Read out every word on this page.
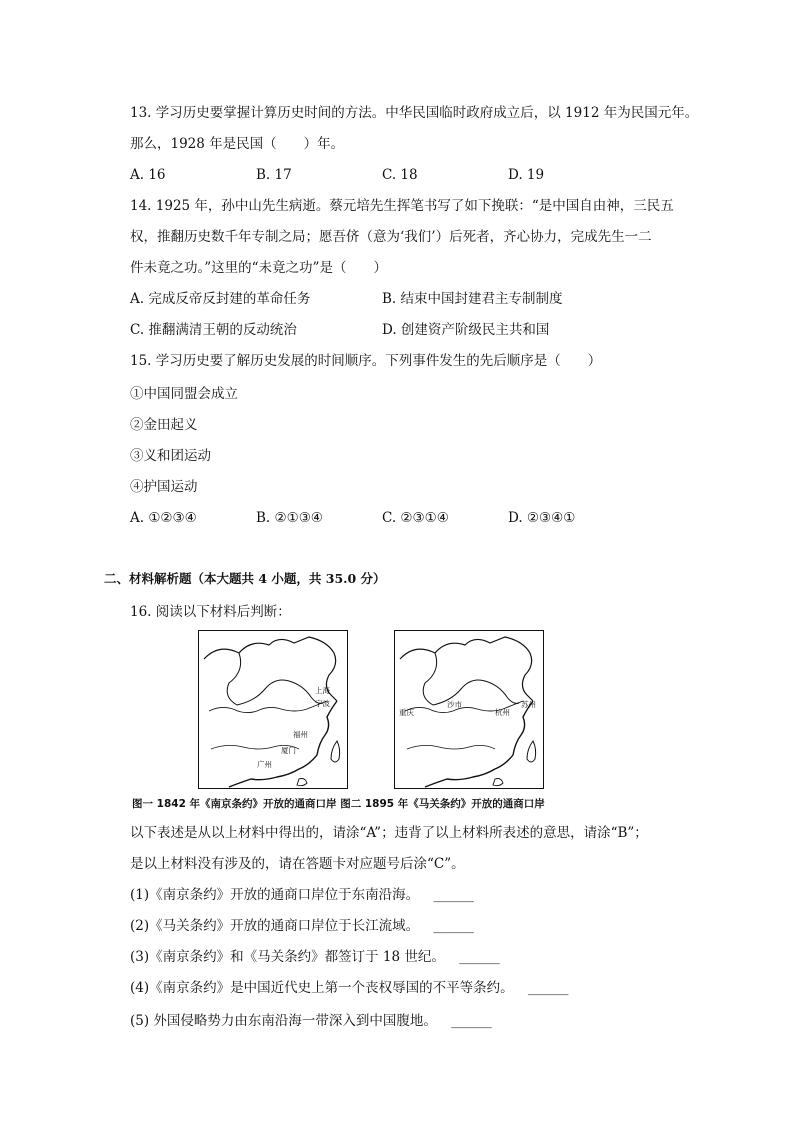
13. 学习历史要掌握计算历史时间的方法。中华民国临时政府成立后，以 1912 年为民国元年。
那么，1928 年是民国（　　）年。
A. 16	B. 17	C. 18	D. 19
14. 1925 年，孙中山先生病逝。蔡元培先生挥笔书写了如下挽联：“是中国自由神，三民五
权，推翻历史数千年专制之局；愿吾侪（意为‘我们’）后死者，齐心协力，完成先生一二
件未竟之功。”这里的“未竟之功”是（　　）
A. 完成反帝反封建的革命任务	B. 结束中国封建君主专制制度
C. 推翻满清王朝的反动统治	D. 创建资产阶级民主共和国
15. 学习历史要了解历史发展的时间顺序。下列事件发生的先后顺序是（　　）
①中国同盟会成立
②金田起义
③义和团运动
④护国运动
A. ①②③④	B. ②①③④	C. ②③①④	D. ②③④①
二、材料解析题（本大题共 4 小题，共 35.0 分）
16. 阅读以下材料后判断：
上海
宁波
福州
厦门
广州
重庆
沙市	苏州
杭州
图一 1842 年《南京条约》开放的通商口岸 图二 1895 年《马关条约》开放的通商口岸
以下表述是从以上材料中得出的，请涂“A”；违背了以上材料所表述的意思，请涂“B”；
是以上材料没有涉及的，请在答题卡对应题号后涂“C”。
(1)《南京条约》开放的通商口岸位于东南沿海。 ______
(2)《马关条约》开放的通商口岸位于长江流域。 ______
(3)《南京条约》和《马关条约》都签订于 18 世纪。 ______
(4)《南京条约》是中国近代史上第一个丧权辱国的不平等条约。 ______
(5) 外国侵略势力由东南沿海一带深入到中国腹地。 ______
